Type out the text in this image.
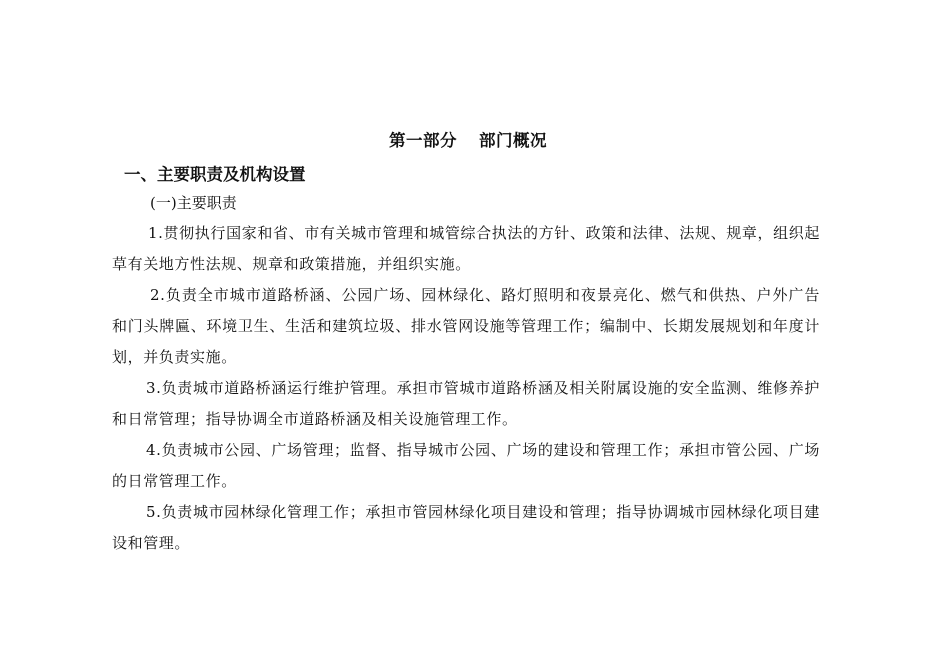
第一部分 部门概况
一、主要职责及机构设置
(一)主要职责
1.贯彻执行国家和省、市有关城市管理和城管综合执法的方针、政策和法律、法规、规章，组织起草有关地方性法规、规章和政策措施，并组织实施。
2.负责全市城市道路桥涵、公园广场、园林绿化、路灯照明和夜景亮化、燃气和供热、户外广告和门头牌匾、环境卫生、生活和建筑垃圾、排水管网设施等管理工作；编制中、长期发展规划和年度计划，并负责实施。
3.负责城市道路桥涵运行维护管理。承担市管城市道路桥涵及相关附属设施的安全监测、维修养护和日常管理；指导协调全市道路桥涵及相关设施管理工作。
4.负责城市公园、广场管理；监督、指导城市公园、广场的建设和管理工作；承担市管公园、广场的日常管理工作。
5.负责城市园林绿化管理工作；承担市管园林绿化项目建设和管理；指导协调城市园林绿化项目建设和管理。
